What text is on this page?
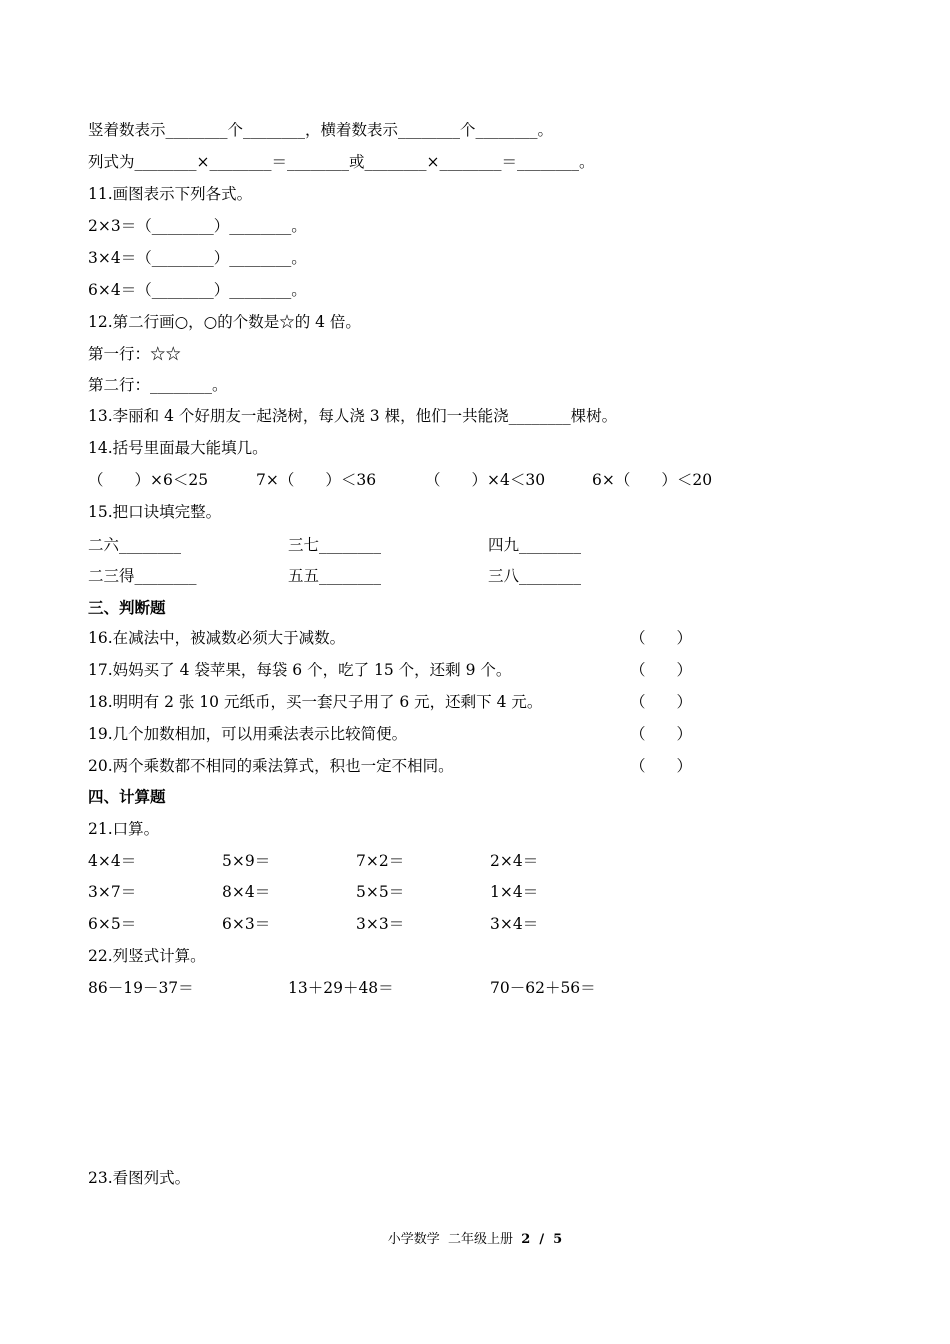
竖着数表示________个________，横着数表示________个________。
列式为________×________＝________或________×________＝________。
11.画图表示下列各式。
2×3＝（________）________。
3×4＝（________）________。
6×4＝（________）________。
12.第二行画○，○的个数是☆的 4 倍。
第一行：☆☆
第二行：________。
13.李丽和 4 个好朋友一起浇树，每人浇 3 棵，他们一共能浇________棵树。
14.括号里面最大能填几。
（　　）×6＜25	7×（　　）＜36	（　　）×4＜30	6×（　　）＜20
15.把口诀填完整。
二六________	三七________	四九________
二三得________	五五________	三八________
三、判断题
16.在减法中，被减数必须大于减数。	（　　）
17.妈妈买了 4 袋苹果，每袋 6 个，吃了 15 个，还剩 9 个。	（　　）
18.明明有 2 张 10 元纸币，买一套尺子用了 6 元，还剩下 4 元。	（　　）
19.几个加数相加，可以用乘法表示比较简便。	（　　）
20.两个乘数都不相同的乘法算式，积也一定不相同。	（　　）
四、计算题
21.口算。
4×4＝	5×9＝	7×2＝	2×4＝
3×7＝	8×4＝	5×5＝	1×4＝
6×5＝	6×3＝	3×3＝	3×4＝
22.列竖式计算。
86－19－37＝	13＋29＋48＝	70－62＋56＝
23.看图列式。
小学数学  二年级上册  2  /  5
